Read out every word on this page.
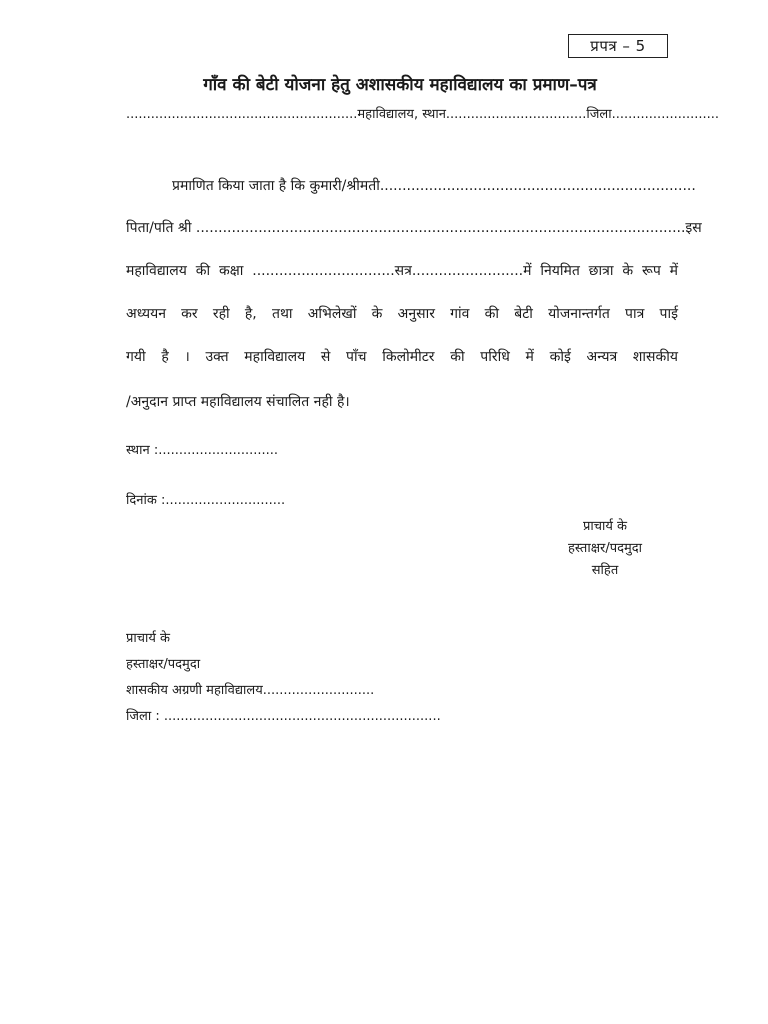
प्रपत्र – 5
गाँव की बेटी योजना हेतु अशासकीय महाविद्यालय का प्रमाण–पत्र
........................................................महाविद्यालय, स्थान..................................जिला..........................
प्रमाणित किया जाता है कि कुमारी/श्रीमती.......................................................................
पिता/पति श्री ..............................................................................................................इस
महाविद्यालय की कक्षा ................................सत्र.........................में नियमित छात्रा के रूप में
अध्ययन कर रही है, तथा अभिलेखों के अनुसार गांव की बेटी योजनान्तर्गत पात्र पाई
गयी है । उक्त महाविद्यालय से पाँच किलोमीटर की परिधि में कोई अन्यत्र शासकीय
/अनुदान प्राप्त महाविद्यालय संचालित नही है।
स्थान :.............................
दिनांक :.............................
प्राचार्य के
हस्ताक्षर/पदमुदा
सहित
प्राचार्य के
हस्ताक्षर/पदमुदा
शासकीय अग्रणी महाविद्यालय...........................
जिला : ...................................................................
